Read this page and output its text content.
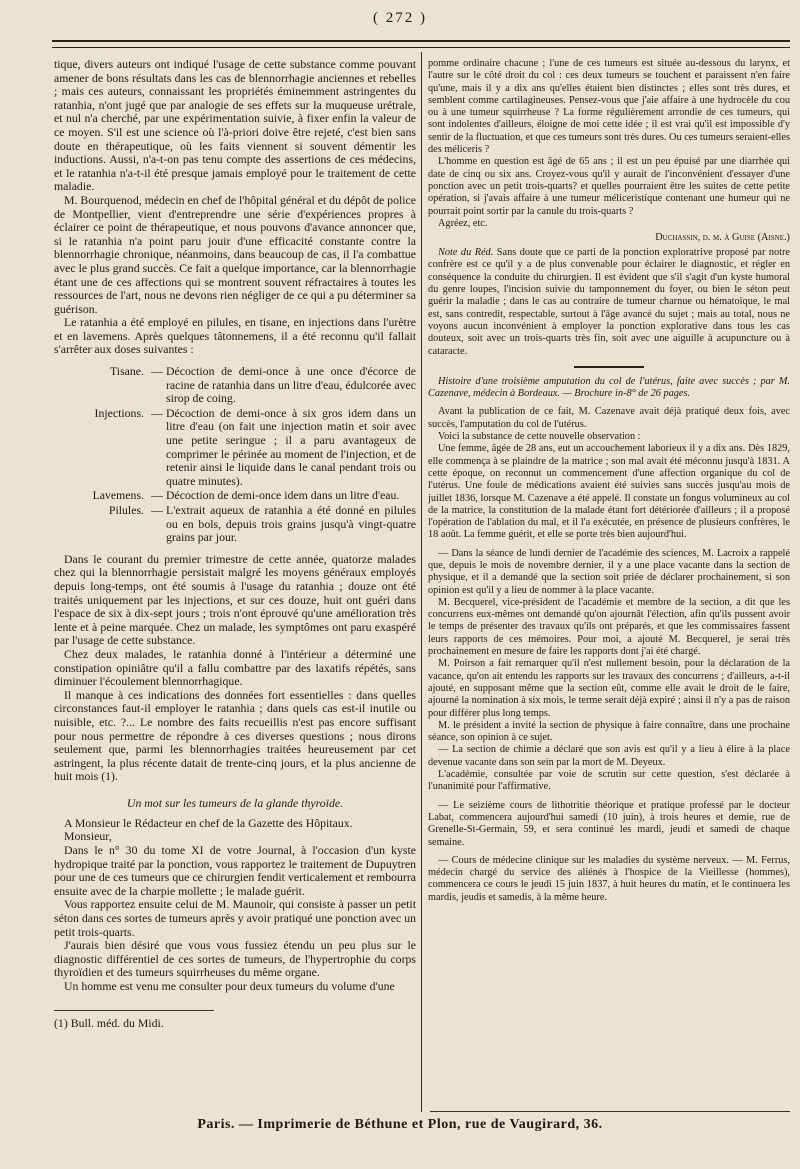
( 272 )

tique, divers auteurs ont indiqué l'usage de cette substance comme pouvant amener de bons résultats dans les cas de blennorrhagie anciennes et rebelles ; mais ces auteurs, connaissant les propriétés éminemment astringentes du ratanhia, n'ont jugé que par analogie de ses effets sur la muqueuse urétrale, et nul n'a cherché, par une expérimentation suivie, à fixer enfin la valeur de ce moyen. S'il est une science où l'à-priori doive être rejeté, c'est bien sans doute en thérapeutique, où les faits viennent si souvent démentir les inductions. Aussi, n'a-t-on pas tenu compte des assertions de ces médecins, et le ratanhia n'a-t-il été presque jamais employé pour le traitement de cette maladie.

M. Bourquenod, médecin en chef de l'hôpital général et du dépôt de police de Montpellier, vient d'entreprendre une série d'expériences propres à éclairer ce point de thérapeutique, et nous pouvons d'avance annoncer que, si le ratanhia n'a point paru jouir d'une efficacité constante contre la blennorrhagie chronique, néanmoins, dans beaucoup de cas, il l'a combattue avec le plus grand succès. Ce fait a quelque importance, car la blennorrhagie étant une de ces affections qui se montrent souvent réfractaires à toutes les ressources de l'art, nous ne devons rien négliger de ce qui a pu déterminer sa guérison.

Le ratanhia a été employé en pilules, en tisane, en injections dans l'urètre et en lavemens. Après quelques tâtonnemens, il a été reconnu qu'il fallait s'arrêter aux doses suivantes :

Tisane. — Décoction de demi-once à une once d'écorce de racine de ratanhia dans un litre d'eau, édulcorée avec sirop de coing.
Injections. — Décoction de demi-once à six gros idem dans un litre d'eau (on fait une injection matin et soir avec une petite seringue ; il a paru avantageux de comprimer le périnée au moment de l'injection, et de retenir ainsi le liquide dans le canal pendant trois ou quatre minutes).
Lavemens. — Décoction de demi-once idem dans un litre d'eau.
Pilules. — L'extrait aqueux de ratanhia a été donné en pilules ou en bols, depuis trois grains jusqu'à vingt-quatre grains par jour.

Dans le courant du premier trimestre de cette année, quatorze malades chez qui la blennorrhagie persistait malgré les moyens généraux employés depuis long-temps, ont été soumis à l'usage du ratanhia ; douze ont été traités uniquement par les injections, et sur ces douze, huit ont guéri dans l'espace de six à dix-sept jours ; trois n'ont éprouvé qu'une amélioration très lente et à peine marquée. Chez un malade, les symptômes ont paru exaspéré par l'usage de cette substance.

Chez deux malades, le ratanhia donné à l'intérieur a déterminé une constipation opiniâtre qu'il a fallu combattre par des laxatifs répétés, sans diminuer l'écoulement blennorrhagique.

Il manque à ces indications des données fort essentielles : dans quelles circonstances faut-il employer le ratanhia ; dans quels cas est-il inutile ou nuisible, etc. ?... Le nombre des faits recueillis n'est pas encore suffisant pour nous permettre de répondre à ces diverses questions ; nous dirons seulement que, parmi les blennorrhagies traitées heureusement par cet astringent, la plus récente datait de trente-cinq jours, et la plus ancienne de huit mois (1).

Un mot sur les tumeurs de la glande thyroïde.

A Monsieur le Rédacteur en chef de la Gazette des Hôpitaux.

Monsieur,

Dans le n° 30 du tome XI de votre Journal, à l'occasion d'un kyste hydropique traité par la ponction, vous rapportez le traitement de Dupuytren pour une de ces tumeurs que ce chirurgien fendit verticalement et rembourra ensuite avec de la charpie mollette ; le malade guérit.

Vous rapportez ensuite celui de M. Maunoir, qui consiste à passer un petit séton dans ces sortes de tumeurs après y avoir pratiqué une ponction avec un petit trois-quarts.

J'aurais bien désiré que vous vous fussiez étendu un peu plus sur le diagnostic différentiel de ces sortes de tumeurs, de l'hypertrophie du corps thyroïdien et des tumeurs squirrheuses du même organe.

Un homme est venu me consulter pour deux tumeurs du volume d'une

(1) Bull. méd. du Midi.

pomme ordinaire chacune ; l'une de ces tumeurs est située au-dessous du larynx, et l'autre sur le côté droit du col : ces deux tumeurs se touchent et paraissent n'en faire qu'une, mais il y a dix ans qu'elles étaient bien distinctes ; elles sont très dures, et semblent comme cartilagineuses. Pensez-vous que j'aie affaire à une hydrocèle du cou ou à une tumeur squirrheuse ? La forme régulièrement arrondie de ces tumeurs, qui sont indolentes d'ailleurs, éloigne de moi cette idée ; il est vrai qu'il est impossible d'y sentir de la fluctuation, et que ces tumeurs sont très dures. Ou ces tumeurs seraient-elles des méliceris ?

L'homme en question est âgé de 65 ans ; il est un peu épuisé par une diarrhée qui date de cinq ou six ans. Croyez-vous qu'il y aurait de l'inconvénient d'essayer d'une ponction avec un petit trois-quarts? et quelles pourraient être les suites de cette petite opération, si j'avais affaire à une tumeur méliceristique contenant une humeur qui ne pourrait point sortir par la canule du trois-quarts ?

Agréez, etc.

Duchassin, d. m. à Guise (Aisne.)

Note du Réd. Sans doute que ce parti de la ponction exploratrive proposé par notre confrère est ce qu'il y a de plus convenable pour éclairer le diagnostic, et régler en conséquence la conduite du chirurgien. Il est évident que s'il s'agit d'un kyste humoral du genre loupes, l'incision suivie du tamponnement du foyer, ou bien le séton peut guérir la maladie ; dans le cas au contraire de tumeur charnue ou hématoïque, le mal est, sans contredit, respectable, surtout à l'âge avancé du sujet ; mais au total, nous ne voyons aucun inconvénient à employer la ponction explorative dans tous les cas douteux, soit avec un trois-quarts très fin, soit avec une aiguille à acupuncture ou à cataracte.

Histoire d'une troisième amputation du col de l'utérus, faite avec succès ; par M. Cazenave, médecin à Bordeaux. — Brochure in-8° de 26 pages.

Avant la publication de ce fait, M. Cazenave avait déjà pratiqué deux fois, avec succès, l'amputation du col de l'utérus.

Voici la substance de cette nouvelle observation :

Une femme, âgée de 28 ans, eut un accouchement laborieux il y a dix ans. Dès 1829, elle commença à se plaindre de la matrice ; son mal avait été méconnu jusqu'à 1831. A cette époque, on reconnut un commencement d'une affection organique du col de l'utérus. Une foule de médications avaient été suivies sans succès jusqu'au mois de juillet 1836, lorsque M. Cazenave a été appelé. Il constate un fongus volumineux au col de la matrice, la constitution de la malade étant fort détériorée d'ailleurs ; il a proposé l'opération de l'ablation du mal, et il l'a exécutée, en présence de plusieurs confrères, le 18 août. La femme guérit, et elle se porte très bien aujourd'hui.

— Dans la séance de lundi dernier de l'académie des sciences, M. Lacroix a rappelé que, depuis le mois de novembre dernier, il y a une place vacante dans la section de physique, et il a demandé que la section soit priée de déclarer prochainement, si son opinion est qu'il y a lieu de nommer à la place vacante.

M. Becquerel, vice-président de l'académie et membre de la section, a dit que les concurrens eux-mêmes ont demandé qu'on ajournât l'élection, afin qu'ils pussent avoir le temps de présenter des travaux qu'ils ont préparés, et que les commissaires fassent leurs rapports de ces mémoires. Pour moi, a ajouté M. Becquerel, je serai très prochainement en mesure de faire les rapports dont j'ai été chargé.

M. Poirson a fait remarquer qu'il n'est nullement besoin, pour la déclaration de la vacance, qu'on ait entendu les rapports sur les travaux des concurrens ; d'ailleurs, a-t-il ajouté, en supposant même que la section eût, comme elle avait le droit de le faire, ajourné la nomination à six mois, le terme serait déjà expiré ; ainsi il n'y a pas de raison pour différer plus long temps.

M. le président a invité la section de physique à faire connaître, dans une prochaine séance, son opinion à ce sujet.

— La section de chimie a déclaré que son avis est qu'il y a lieu à élire à la place devenue vacante dans son sein par la mort de M. Deyeux.

L'académie, consultée par voie de scrutin sur cette question, s'est déclarée à l'unanimité pour l'affirmative.

— Le seizième cours de lithotritie théorique et pratique professé par le docteur Labat, commencera aujourd'hui samedi (10 juin), à trois heures et demie, rue de Grenelle-St-Germain, 59, et sera continué les mardi, jeudi et samedi de chaque semaine.

— Cours de médecine clinique sur les maladies du système nerveux. — M. Ferrus, médecin chargé du service des aliénés à l'hospice de la Vieillesse (hommes), commencera ce cours le jeudi 15 juin 1837, à huit heures du matin, et le continuera les mardis, jeudis et samedis, à la même heure.

Paris. — Imprimerie de Béthune et Plon, rue de Vaugirard, 36.
